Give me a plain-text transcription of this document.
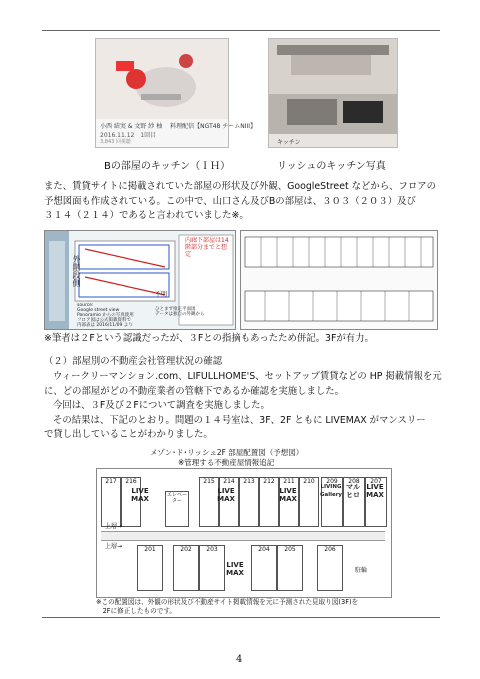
小西 結実 & 文野 紗 柚 料理配信【NGT48 チームNIII】
2016.11.12　1回目
3,843 回視聴	キッチン
Bの部屋のキッチン（ＩＨ）	リッシュのキッチン写真
また、賃貸サイトに掲載されていた部屋の形状及び外観、GoogleStreet などから、フロアの
予想図面も作成されている。この中で、山口さん及びBの部屋は、３０３（２０３）及び
３１４（２１４）であると言われていました※。
外階段側
不明
内廊下部屋は14階部分までと想定
source:
Google street view
Panoramio からの写真使用
フロア図は公式掲載資料で
内部表は 2016/11/09 より
ひとまず推定平面図
データは独自の外観から
※筆者は２Fという認識だったが、３Fとの指摘もあったため併記。3Fが有力。
（２）部屋別の不動産会社管理状況の確認
ウィークリーマンション.com、LIFULLHOME'S、セットアップ賃貸などの HP 掲載情報を元
に、どの部屋がどの不動産業者の管轄下であるか確認を実施しました。
今回は、３F及び２Fについて調査を実施しました。
その結果は、下記のとおり。問題の１４号室は、3F、2F ともに LIVEMAX がマンスリー
で貸し出していることがわかりました。
メゾン･ド･リッシュ2F 部屋配置図（予想図）
※管理する不動産屋情報追記
217	216	215	214	213	212	211	210	209	208	207
LIVE
MAX
LIVE
MAX
LIVE
MAX
LIVING
Gallery
マル
ヒロ
LIVE
MAX
エレベーター
201	202	203	204	205	206
LIVE
MAX
上層→
上層→
駐輪
※この配置図は、外観の形状及び不動産サイト掲載情報を元に予測された見取り図(3F)を
　2Fに修正したものです。
4
